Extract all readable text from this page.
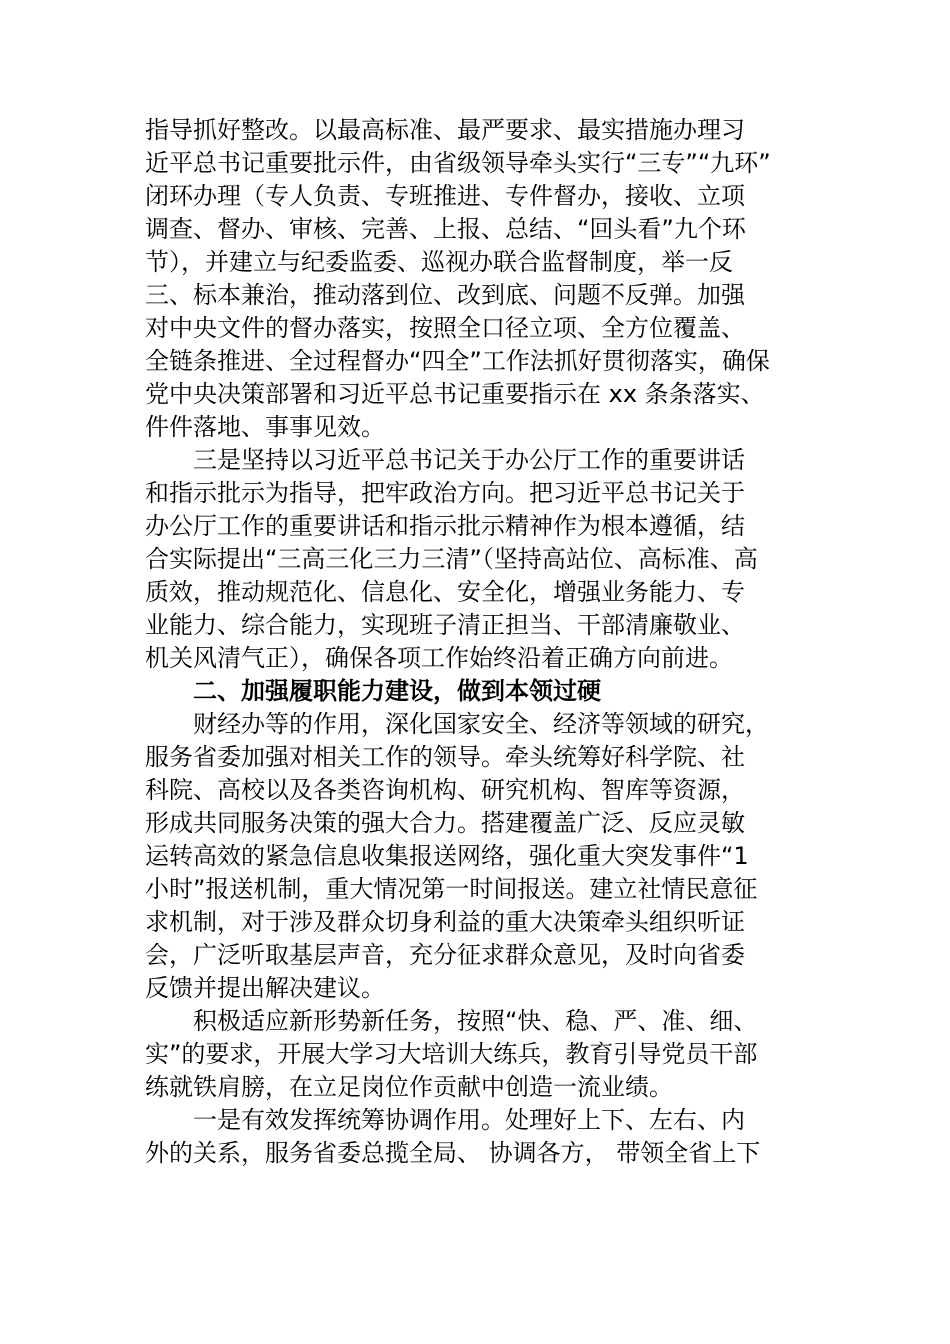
指导抓好整改。以最高标准、最严要求、最实措施办理习
近平总书记重要批示件，由省级领导牵头实行“三专”“九环”
闭环办理（专人负责、专班推进、专件督办，接收、立项
调查、督办、审核、完善、上报、总结、“回头看”九个环
节），并建立与纪委监委、巡视办联合监督制度，举一反
三、标本兼治，推动落到位、改到底、问题不反弹。加强
对中央文件的督办落实，按照全口径立项、全方位覆盖、
全链条推进、全过程督办“四全”工作法抓好贯彻落实，确保
党中央决策部署和习近平总书记重要指示在 xx 条条落实、
件件落地、事事见效。
三是坚持以习近平总书记关于办公厅工作的重要讲话
和指示批示为指导，把牢政治方向。把习近平总书记关于
办公厅工作的重要讲话和指示批示精神作为根本遵循，结
合实际提出“三高三化三力三清”（坚持高站位、高标准、高
质效，推动规范化、信息化、安全化，增强业务能力、专
业能力、综合能力，实现班子清正担当、干部清廉敬业、
机关风清气正），确保各项工作始终沿着正确方向前进。
二、加强履职能力建设，做到本领过硬
财经办等的作用，深化国家安全、经济等领域的研究，
服务省委加强对相关工作的领导。牵头统筹好科学院、社
科院、高校以及各类咨询机构、研究机构、智库等资源，
形成共同服务决策的强大合力。搭建覆盖广泛、反应灵敏
运转高效的紧急信息收集报送网络，强化重大突发事件“1
小时”报送机制，重大情况第一时间报送。建立社情民意征
求机制，对于涉及群众切身利益的重大决策牵头组织听证
会，广泛听取基层声音，充分征求群众意见，及时向省委
反馈并提出解决建议。
积极适应新形势新任务，按照“快、稳、严、准、细、
实”的要求，开展大学习大培训大练兵，教育引导党员干部
练就铁肩膀，在立足岗位作贡献中创造一流业绩。
一是有效发挥统筹协调作用。处理好上下、左右、内
外的关系，服务省委总揽全局、 协调各方， 带领全省上下
